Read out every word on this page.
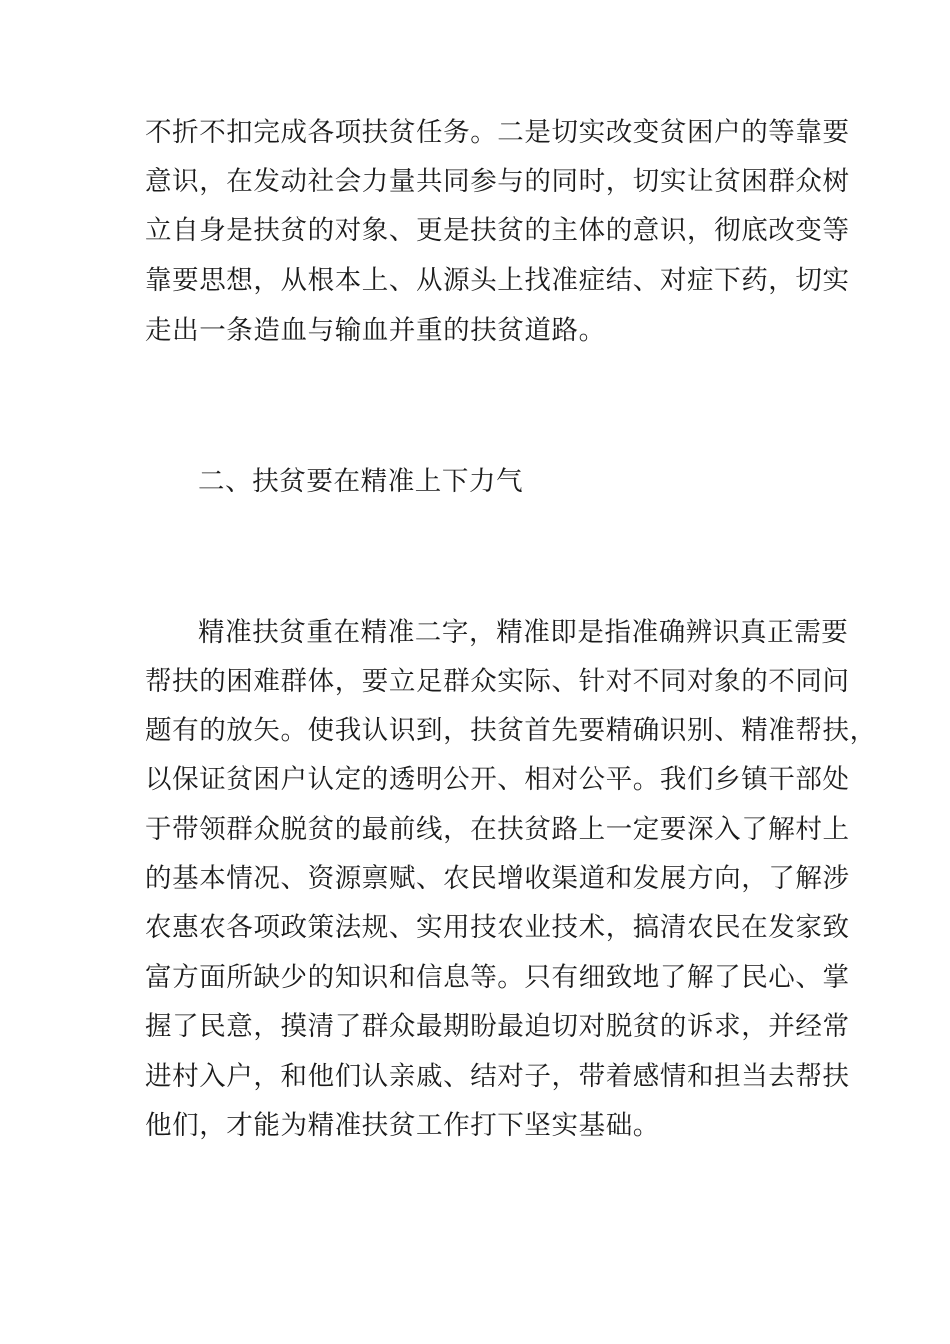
不折不扣完成各项扶贫任务。二是切实改变贫困户的等靠要
意识，在发动社会力量共同参与的同时，切实让贫困群众树
立自身是扶贫的对象、更是扶贫的主体的意识，彻底改变等
靠要思想，从根本上、从源头上找准症结、对症下药，切实
走出一条造血与输血并重的扶贫道路。
二、扶贫要在精准上下力气
精准扶贫重在精准二字，精准即是指准确辨识真正需要
帮扶的困难群体，要立足群众实际、针对不同对象的不同问
题有的放矢。使我认识到，扶贫首先要精确识别、精准帮扶，
以保证贫困户认定的透明公开、相对公平。我们乡镇干部处
于带领群众脱贫的最前线，在扶贫路上一定要深入了解村上
的基本情况、资源禀赋、农民增收渠道和发展方向，了解涉
农惠农各项政策法规、实用技农业技术，搞清农民在发家致
富方面所缺少的知识和信息等。只有细致地了解了民心、掌
握了民意，摸清了群众最期盼最迫切对脱贫的诉求，并经常
进村入户，和他们认亲戚、结对子，带着感情和担当去帮扶
他们，才能为精准扶贫工作打下坚实基础。
